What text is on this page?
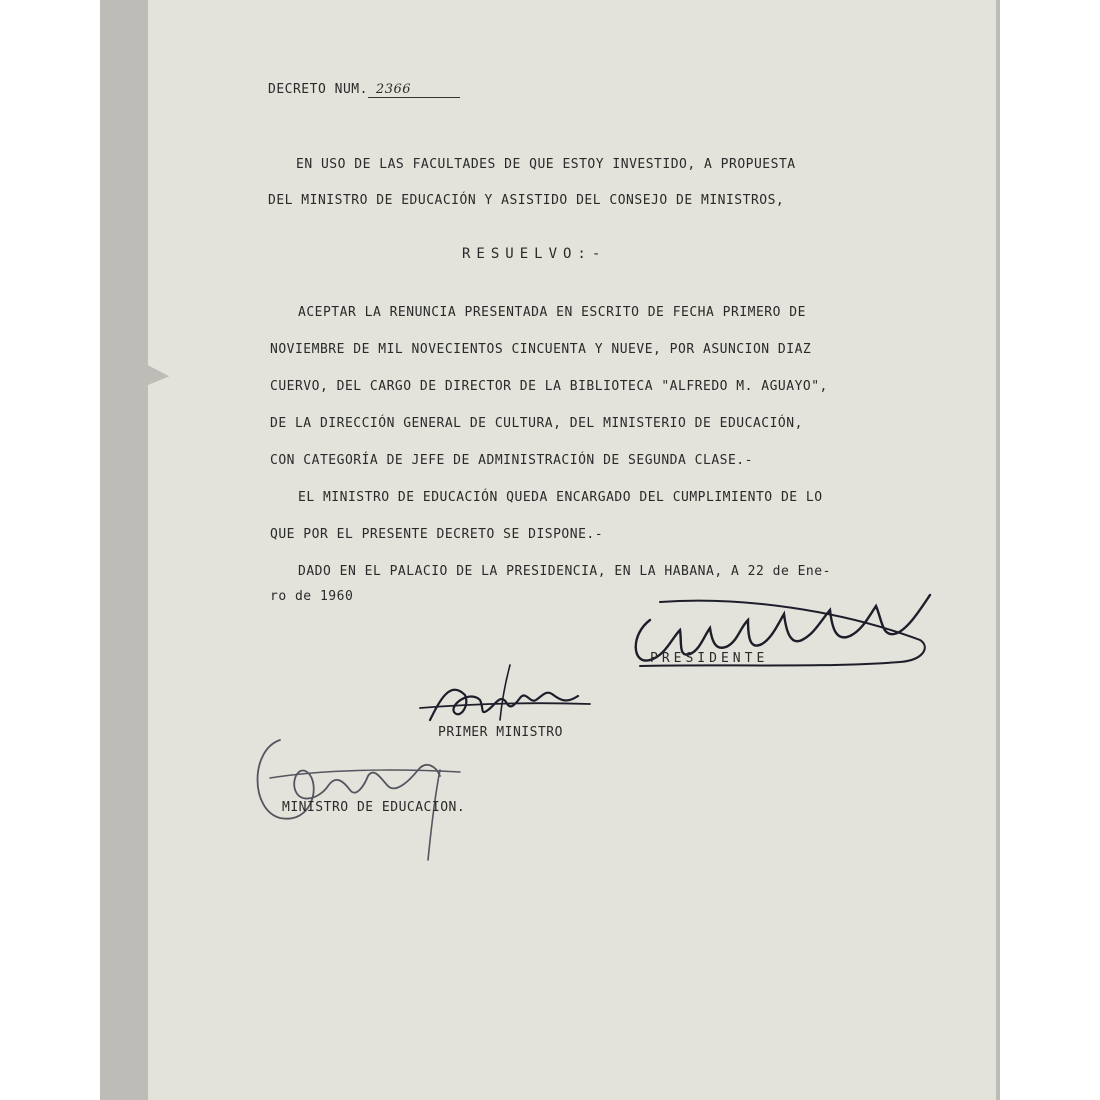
DECRETO NUM. 2366
EN USO DE LAS FACULTADES DE QUE ESTOY INVESTIDO, A PROPUESTA
DEL MINISTRO DE EDUCACIÓN Y ASISTIDO DEL CONSEJO DE MINISTROS,
RESUELVO:-
ACEPTAR LA RENUNCIA PRESENTADA EN ESCRITO DE FECHA PRIMERO DE
NOVIEMBRE DE MIL NOVECIENTOS CINCUENTA Y NUEVE, POR ASUNCION DIAZ
CUERVO, DEL CARGO DE DIRECTOR DE LA BIBLIOTECA "ALFREDO M. AGUAYO",
DE LA DIRECCIÓN GENERAL DE CULTURA, DEL MINISTERIO DE EDUCACIÓN,
CON CATEGORÍA DE JEFE DE ADMINISTRACIÓN DE SEGUNDA CLASE.-
EL MINISTRO DE EDUCACIÓN QUEDA ENCARGADO DEL CUMPLIMIENTO DE LO
QUE POR EL PRESENTE DECRETO SE DISPONE.-
DADO EN EL PALACIO DE LA PRESIDENCIA, EN LA HABANA, A 22 de Ene-
ro de 1960
PRESIDENTE
PRIMER MINISTRO
MINISTRO DE EDUCACION.
